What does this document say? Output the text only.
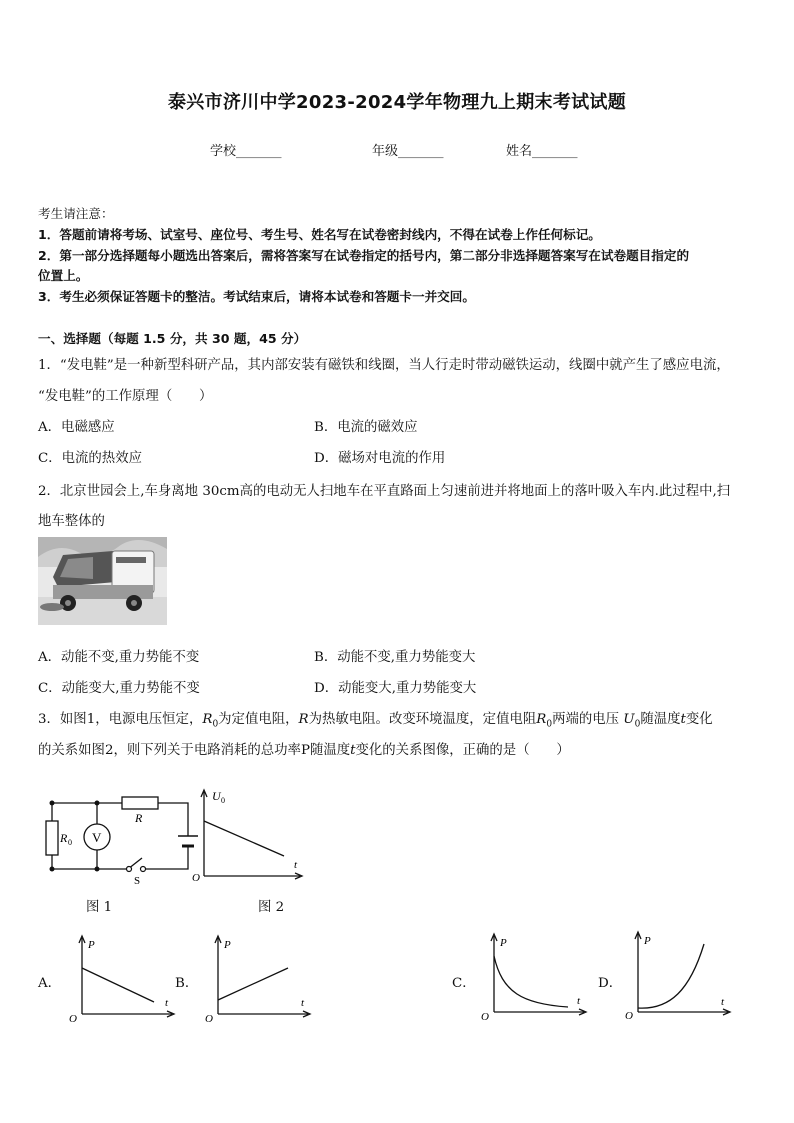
泰兴市济川中学2023-2024学年物理九上期末考试试题
学校_______	年级_______	姓名_______
考生请注意：
1．答题前请将考场、试室号、座位号、考生号、姓名写在试卷密封线内，不得在试卷上作任何标记。
2．第一部分选择题每小题选出答案后，需将答案写在试卷指定的括号内，第二部分非选择题答案写在试卷题目指定的
位置上。
3．考生必须保证答题卡的整洁。考试结束后，请将本试卷和答题卡一并交回。
一、选择题（每题 1.5 分，共 30 题，45 分）
1．“发电鞋”是一种新型科研产品，其内部安装有磁铁和线圈，当人行走时带动磁铁运动，线圈中就产生了感应电流，
“发电鞋”的工作原理（　　）
A．电磁感应	B．电流的磁效应
C．电流的热效应	D．磁场对电流的作用
2．北京世园会上,车身离地 30cm高的电动无人扫地车在平直路面上匀速前进并将地面上的落叶吸入车内.此过程中,扫
地车整体的
A．动能不变,重力势能不变	B．动能不变,重力势能变大
C．动能变大,重力势能不变	D．动能变大,重力势能变大
3．如图1，电源电压恒定，$R_0$为定值电阻，R为热敏电阻。改变环境温度，定值电阻$R_0$两端的电压 $U_0$随温度t变化
的关系如图2，则下列关于电路消耗的总功率P随温度t变化的关系图像，正确的是（　　）
V
R 0
R
S
U 0
O
t
图 1	图 2
A．
P
O
t
B．
P
O
t
C．
P
O
t
D．
P
O
t
